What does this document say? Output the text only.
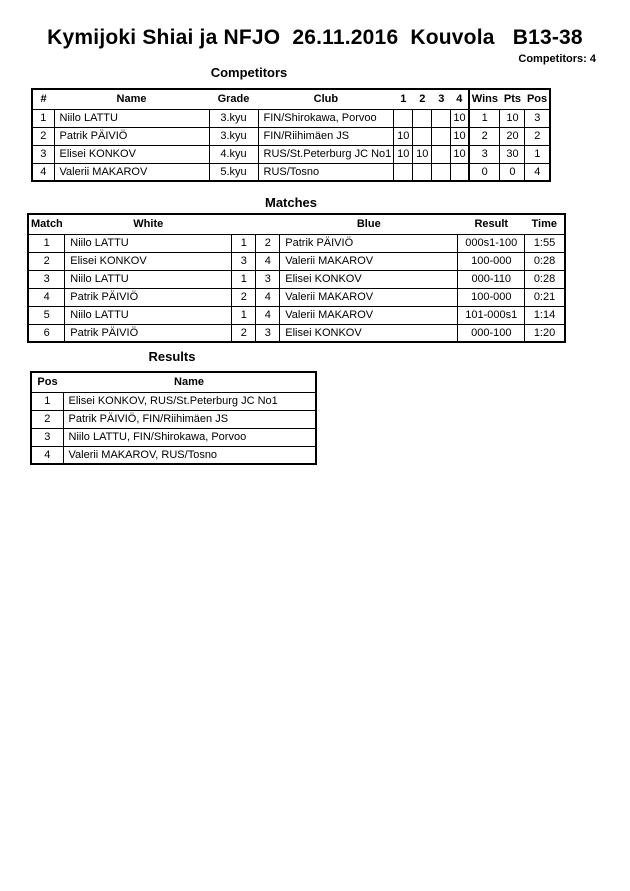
Kymijoki Shiai ja NFJO  26.11.2016  Kouvola   B13-38
Competitors: 4
Competitors
#	Name	Grade	Club	1	2	3	4	Wins	Pts	Pos
1	Niilo LATTU	3.kyu	FIN/Shirokawa, Porvoo				10	1	10	3
2	Patrik PÄIVIÖ	3.kyu	FIN/Riihimäen JS	10			10	2	20	2
3	Elisei KONKOV	4.kyu	RUS/St.Peterburg JC No1	10	10		10	3	30	1
4	Valerii MAKAROV	5.kyu	RUS/Tosno					0	0	4
Matches
Match	White			Blue	Result	Time
1	Niilo LATTU	1	2	Patrik PÄIVIÖ	000s1-100	1:55
2	Elisei KONKOV	3	4	Valerii MAKAROV	100-000	0:28
3	Niilo LATTU	1	3	Elisei KONKOV	000-110	0:28
4	Patrik PÄIVIÖ	2	4	Valerii MAKAROV	100-000	0:21
5	Niilo LATTU	1	4	Valerii MAKAROV	101-000s1	1:14
6	Patrik PÄIVIÖ	2	3	Elisei KONKOV	000-100	1:20
Results
Pos	Name
1	Elisei KONKOV, RUS/St.Peterburg JC No1
2	Patrik PÄIVIÖ, FIN/Riihimäen JS
3	Niilo LATTU, FIN/Shirokawa, Porvoo
4	Valerii MAKAROV, RUS/Tosno
